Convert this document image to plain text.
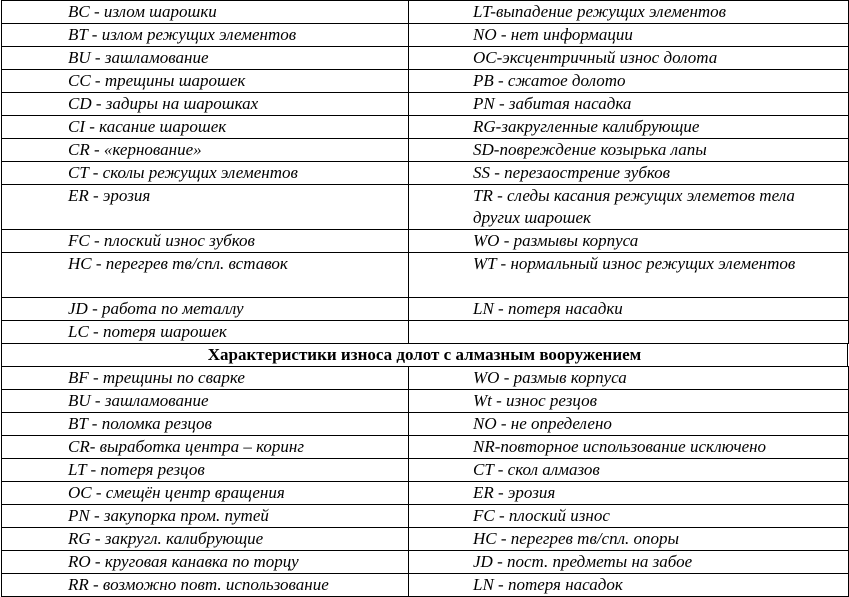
BC - излом шарошки	LT-выпадение режущих элементов
BT - излом режущих элементов	NO - нет информации
BU - зашламование	OC-эксцентричный износ долота
CC - трещины шарошек	PB - сжатое долото
CD - задиры на шарошках	PN - забитая насадка
CI - касание шарошек	RG-закругленные калибрующие
CR - «кернование»	SD-повреждение козырька лапы
CT - сколы режущих элементов	SS - перезаострение зубков
ER - эрозия	TR - следы касания режущих элеметов тела других шарошек
FC - плоский износ зубков	WO - размывы корпуса
HC - перегрев тв/спл. вставок	WT - нормальный износ режущих элементов
JD - работа по металлу	LN - потеря насадки
LC - потеря шарошек	
Характеристики износа долот с алмазным вооружением
BF - трещины по сварке	WO - размыв корпуса
BU - зашламование	Wt - износ резцов
BT - поломка резцов	NO - не определено
CR- выработка центра – коринг	NR-повторное использование исключено
LT - потеря резцов	CT - скол алмазов
OC - смещён центр вращения	ER - эрозия
PN - закупорка пром. путей	FC - плоский износ
RG - закругл. калибрующие	HC - перегрев тв/спл. опоры
RO - круговая канавка по торцу	JD - пост. предметы на забое
RR - возможно повт. использование	LN - потеря насадок
